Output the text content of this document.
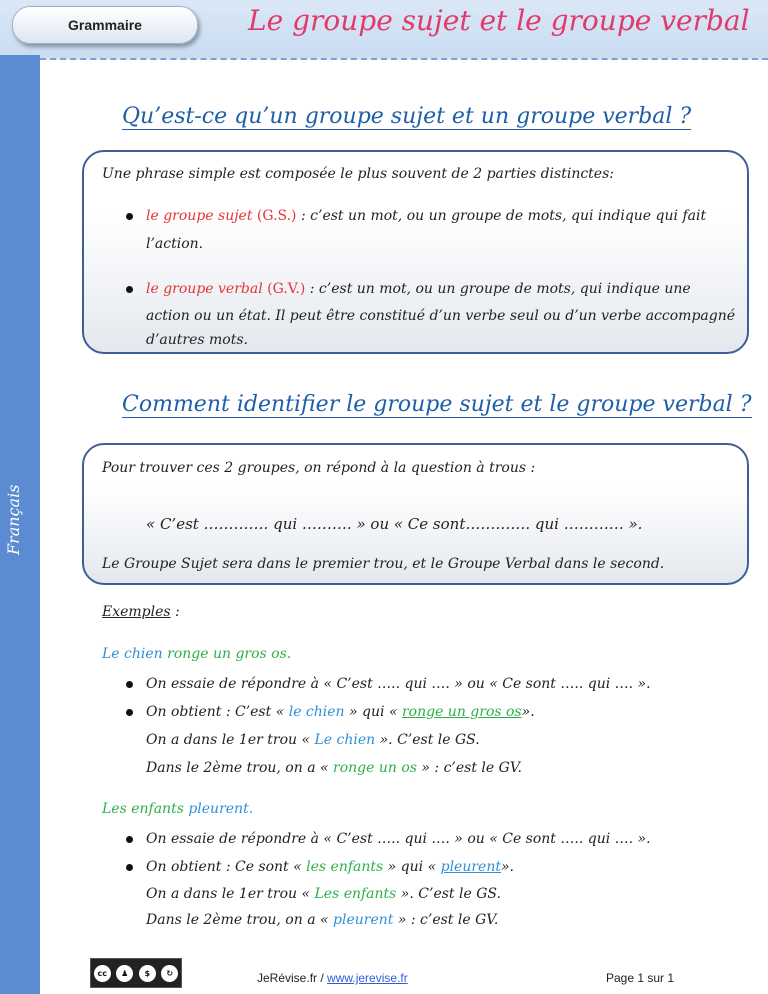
Grammaire	Le groupe sujet et le groupe verbal
Français
Qu’est-ce qu’un groupe sujet et un groupe verbal ?
Une phrase simple est composée le plus souvent de 2 parties distinctes:
le groupe sujet (G.S.) : c’est un mot, ou un groupe de mots, qui indique qui fait
l’action.
le groupe verbal (G.V.) : c’est un mot, ou un groupe de mots, qui indique une
action ou un état. Il peut être constitué d’un verbe seul ou d’un verbe accompagné
d’autres mots.
Comment identifier le groupe sujet et le groupe verbal ?
Pour trouver ces 2 groupes, on répond à la question à trous :
« C’est …………. qui ………. » ou « Ce sont…………. qui ………… ».
Le Groupe Sujet sera dans le premier trou, et le Groupe Verbal dans le second.
Exemples :
Le chien ronge un gros os.
On essaie de répondre à « C’est ….. qui …. » ou « Ce sont ….. qui …. ».
On obtient : C’est « le chien » qui « ronge un gros os».
On a dans le 1er trou « Le chien ». C’est le GS.
Dans le 2ème trou, on a « ronge un os » : c’est le GV.
Les enfants pleurent.
On essaie de répondre à « C’est ….. qui …. » ou « Ce sont ….. qui …. ».
On obtient : Ce sont « les enfants » qui « pleurent».
On a dans le 1er trou « Les enfants ». C’est le GS.
Dans le 2ème trou, on a « pleurent » : c’est le GV.
cc	♟	$	↻	JeRévise.fr / www.jerevise.fr	Page 1 sur 1
